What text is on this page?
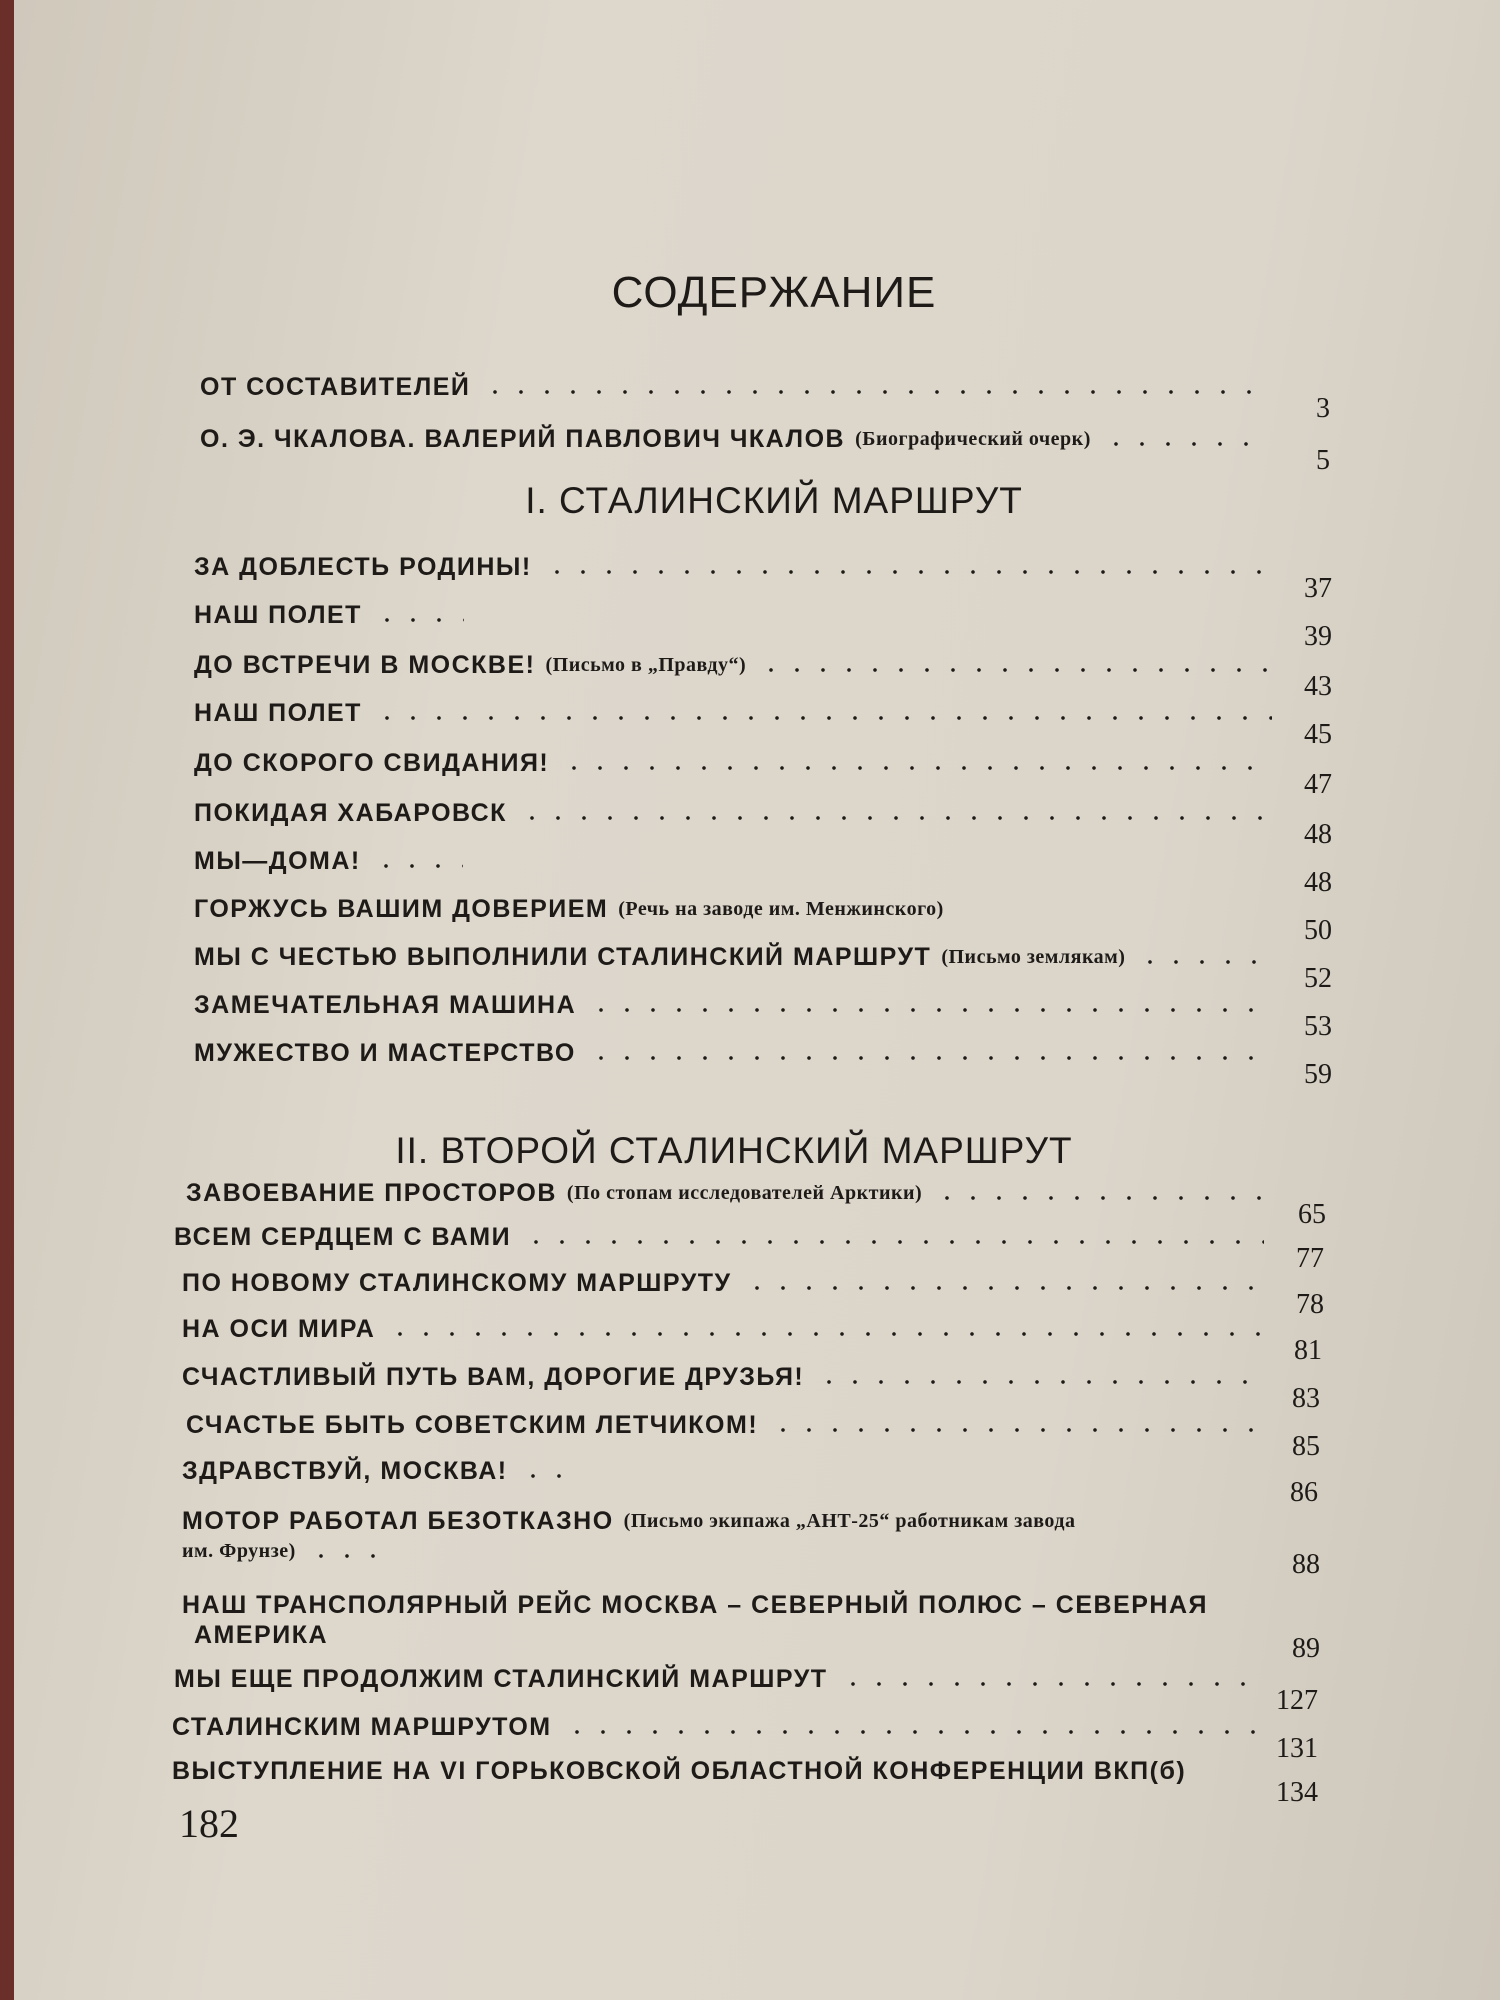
СОДЕРЖАНИЕ
ОТ СОСТАВИТЕЛЕЙ
3
О. Э. ЧКАЛОВА. ВАЛЕРИЙ ПАВЛОВИЧ ЧКАЛОВ (Биографический очерк)
5
I. СТАЛИНСКИЙ МАРШРУТ
ЗА ДОБЛЕСТЬ РОДИНЫ!
37
НАШ ПОЛЕТ
39
ДО ВСТРЕЧИ В МОСКВЕ! (Письмо в „Правду“)
43
НАШ ПОЛЕТ
45
ДО СКОРОГО СВИДАНИЯ!
47
ПОКИДАЯ ХАБАРОВСК
48
МЫ—ДОМА!
48
ГОРЖУСЬ ВАШИМ ДОВЕРИЕМ (Речь на заводе им. Менжинского)
50
МЫ С ЧЕСТЬЮ ВЫПОЛНИЛИ СТАЛИНСКИЙ МАРШРУТ (Письмо землякам)
52
ЗАМЕЧАТЕЛЬНАЯ МАШИНА
53
МУЖЕСТВО И МАСТЕРСТВО
59
II. ВТОРОЙ СТАЛИНСКИЙ МАРШРУТ
ЗАВОЕВАНИЕ ПРОСТОРОВ (По стопам исследователей Арктики)
65
ВСЕМ СЕРДЦЕМ С ВАМИ
77
ПО НОВОМУ СТАЛИНСКОМУ МАРШРУТУ
78
НА ОСИ МИРА
81
СЧАСТЛИВЫЙ ПУТЬ ВАМ, ДОРОГИЕ ДРУЗЬЯ!
83
СЧАСТЬЕ БЫТЬ СОВЕТСКИМ ЛЕТЧИКОМ!
85
ЗДРАВСТВУЙ, МОСКВА!
86
МОТОР РАБОТАЛ БЕЗОТКАЗНО (Письмо экипажа „АНТ-25“ работникам завода
им. Фрунзе)	88
НАШ ТРАНСПОЛЯРНЫЙ РЕЙС МОСКВА – СЕВЕРНЫЙ ПОЛЮС – СЕВЕРНАЯ
АМЕРИКА	89
МЫ ЕЩЕ ПРОДОЛЖИМ СТАЛИНСКИЙ МАРШРУТ
127
СТАЛИНСКИМ МАРШРУТОМ
131
ВЫСТУПЛЕНИЕ НА VI ГОРЬКОВСКОЙ ОБЛАСТНОЙ КОНФЕРЕНЦИИ ВКП(б)
134
182
